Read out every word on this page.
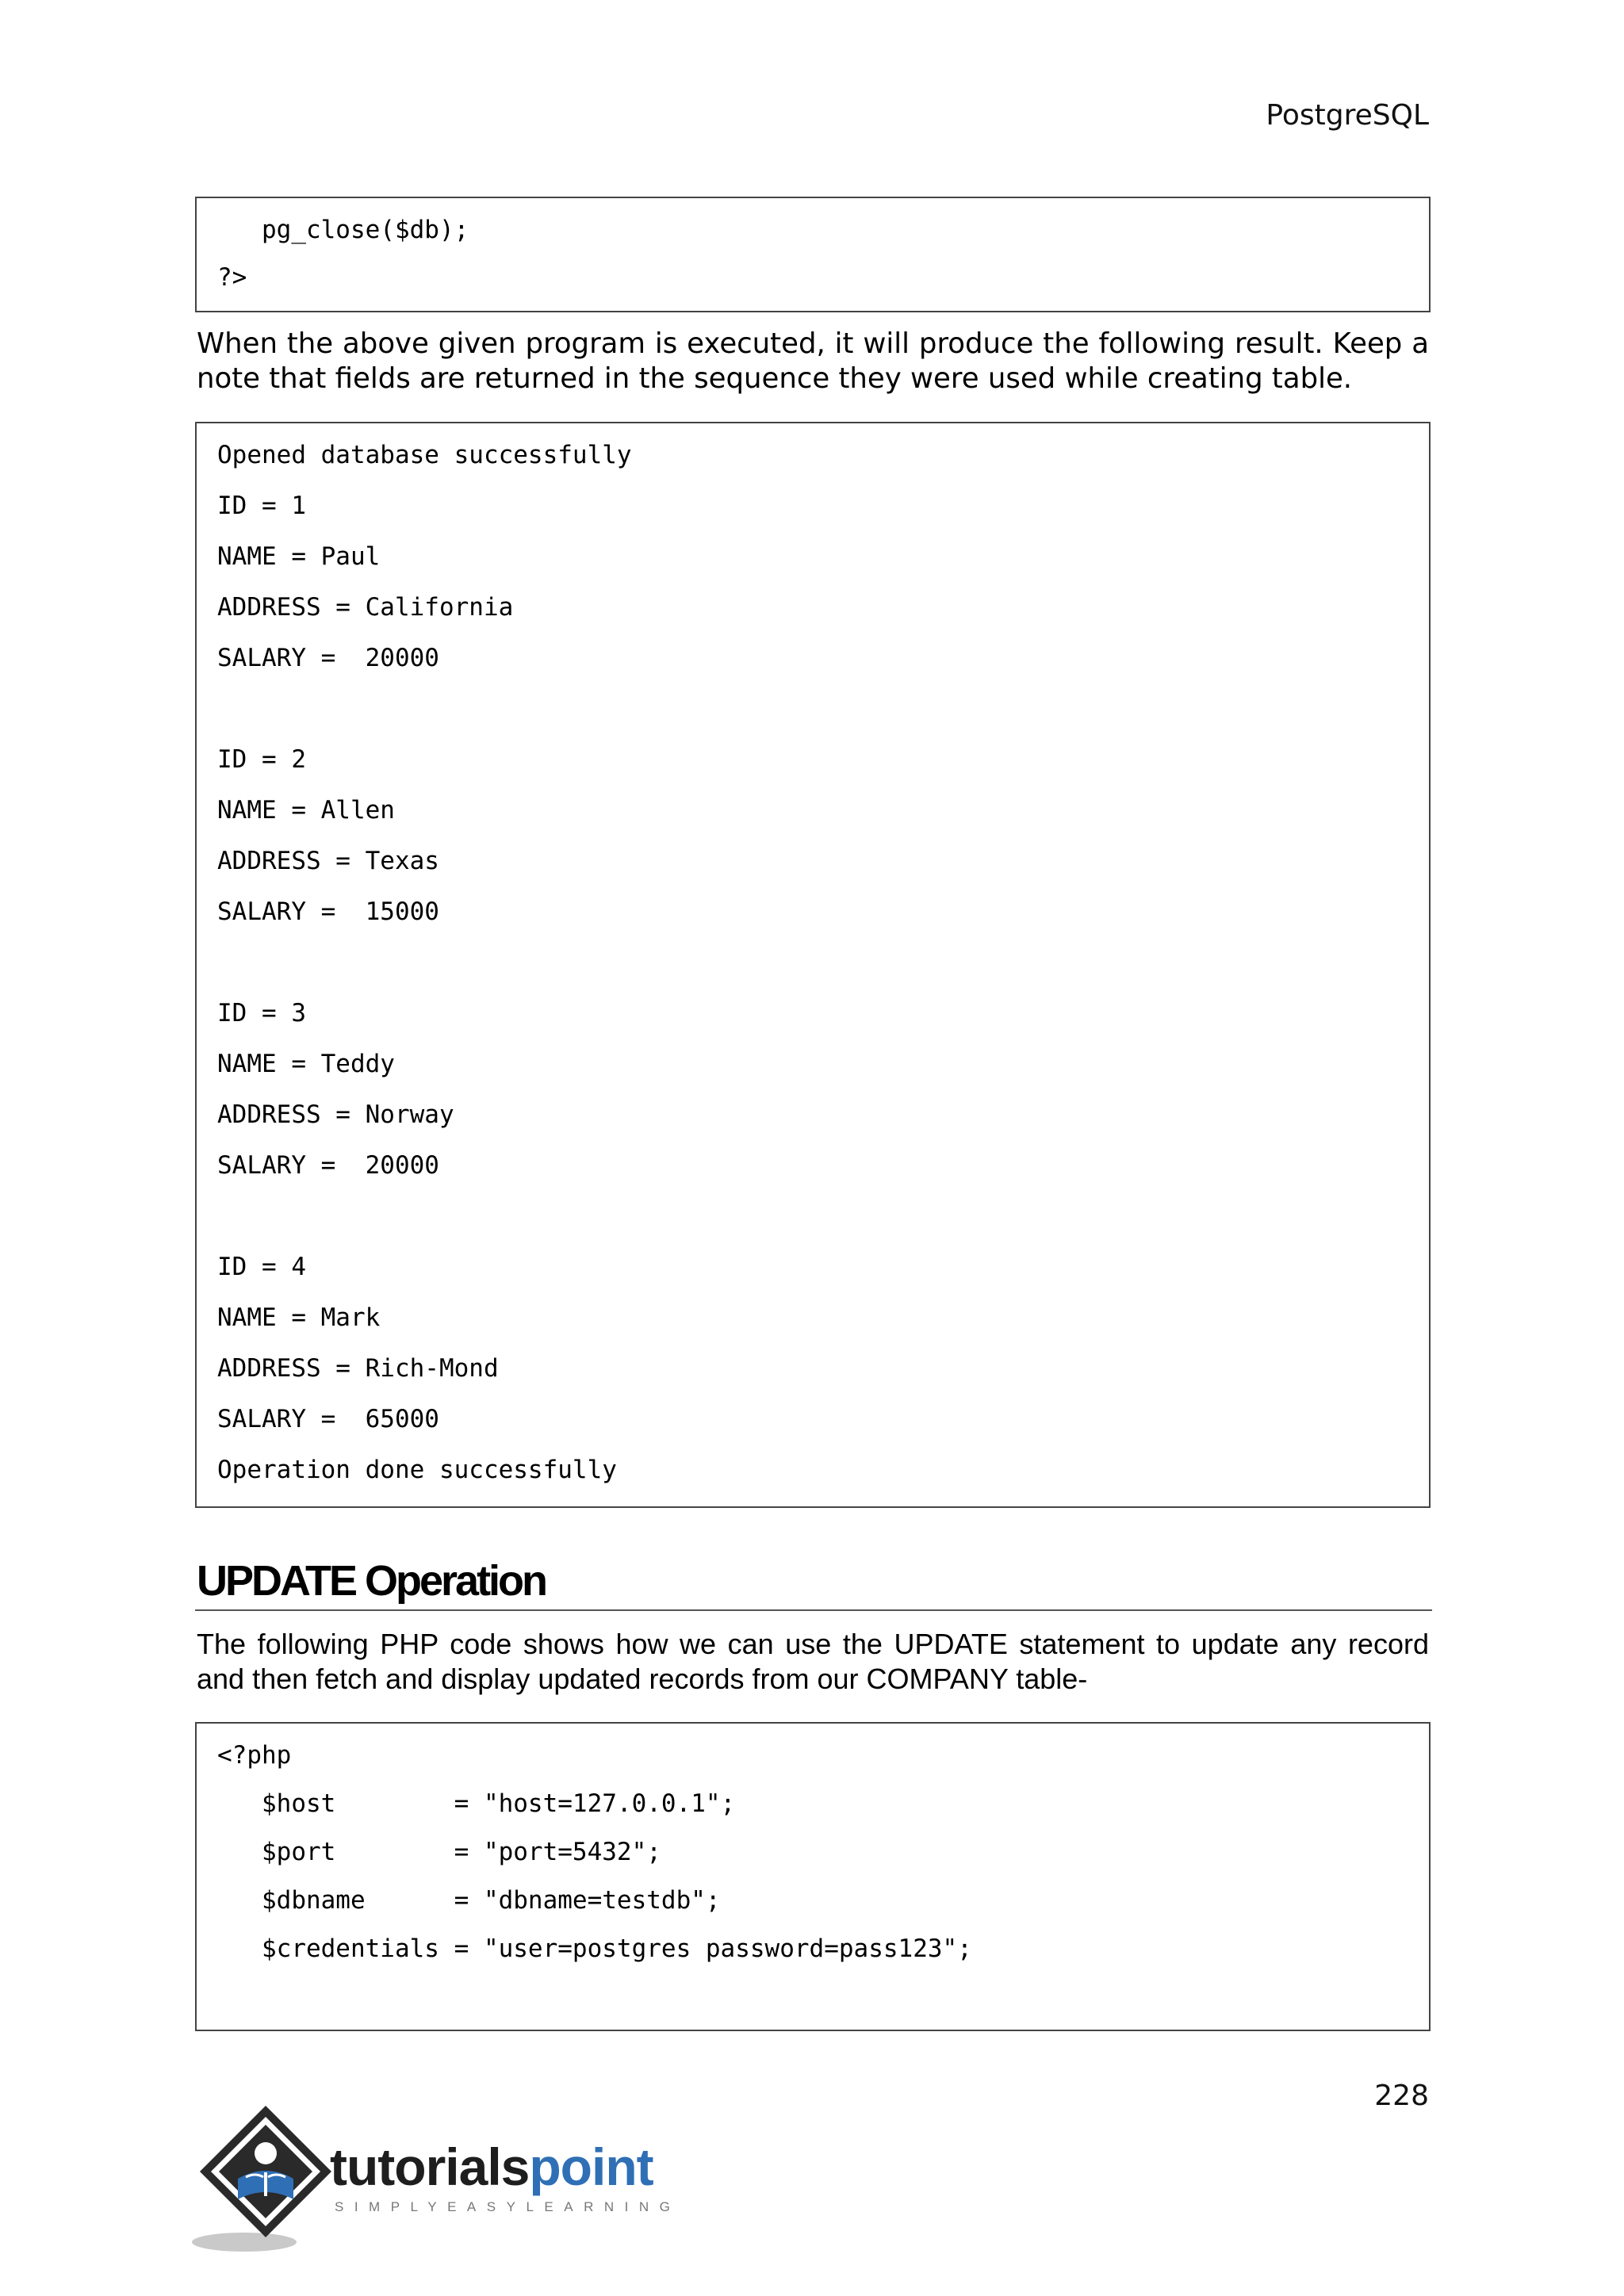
PostgreSQL
pg_close($db);
?>
When the above given program is executed, it will produce the following result. Keep a note that fields are returned in the sequence they were used while creating table.
Opened database successfully
ID = 1
NAME = Paul
ADDRESS = California
SALARY =  20000
ID = 2
NAME = Allen
ADDRESS = Texas
SALARY =  15000
ID = 3
NAME = Teddy
ADDRESS = Norway
SALARY =  20000
ID = 4
NAME = Mark
ADDRESS = Rich-Mond
SALARY =  65000
Operation done successfully
UPDATE Operation
The following PHP code shows how we can use the UPDATE statement to update any record and then fetch and display updated records from our COMPANY table-
<?php
$host        = "host=127.0.0.1";
$port        = "port=5432";
$dbname      = "dbname=testdb";
$credentials = "user=postgres password=pass123";
228
tutorialspoint
SIMPLYEASYLEARNING
